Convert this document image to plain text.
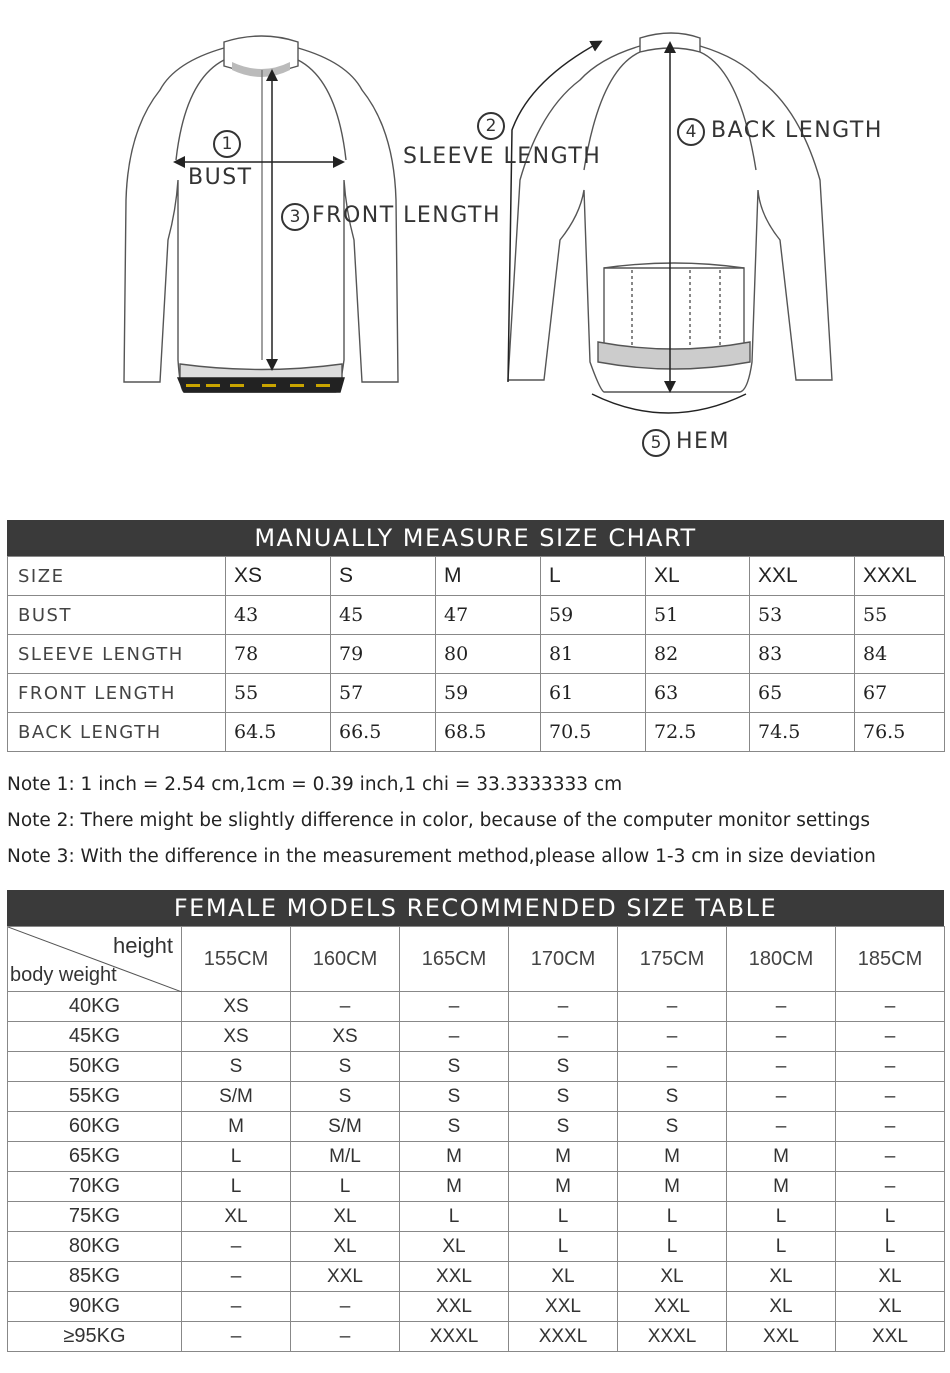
1
BUST
2
SLEEVE LENGTH
3 FRONT LENGTH
4 BACK LENGTH
5 HEM
MANUALLY MEASURE SIZE CHART
SIZE	XS	S	M	L	XL	XXL	XXXL
BUST	43	45	47	59	51	53	55
SLEEVE LENGTH	78	79	80	81	82	83	84
FRONT LENGTH	55	57	59	61	63	65	67
BACK LENGTH	64.5	66.5	68.5	70.5	72.5	74.5	76.5
Note 1: 1 inch = 2.54 cm,1cm = 0.39 inch,1 chi = 33.3333333 cm
Note 2: There might be slightly difference in color, because of the computer monitor settings
Note 3: With the difference in the measurement method,please allow 1-3 cm in size deviation
FEMALE MODELS RECOMMENDED SIZE TABLE
height
body weight	155CM	160CM	165CM	170CM	175CM	180CM	185CM
40KG	XS	–	–	–	–	–	–
45KG	XS	XS	–	–	–	–	–
50KG	S	S	S	S	–	–	–
55KG	S/M	S	S	S	S	–	–
60KG	M	S/M	S	S	S	–	–
65KG	L	M/L	M	M	M	M	–
70KG	L	L	M	M	M	M	–
75KG	XL	XL	L	L	L	L	L
80KG	–	XL	XL	L	L	L	L
85KG	–	XXL	XXL	XL	XL	XL	XL
90KG	–	–	XXL	XXL	XXL	XL	XL
≥95KG	–	–	XXXL	XXXL	XXXL	XXL	XXL
